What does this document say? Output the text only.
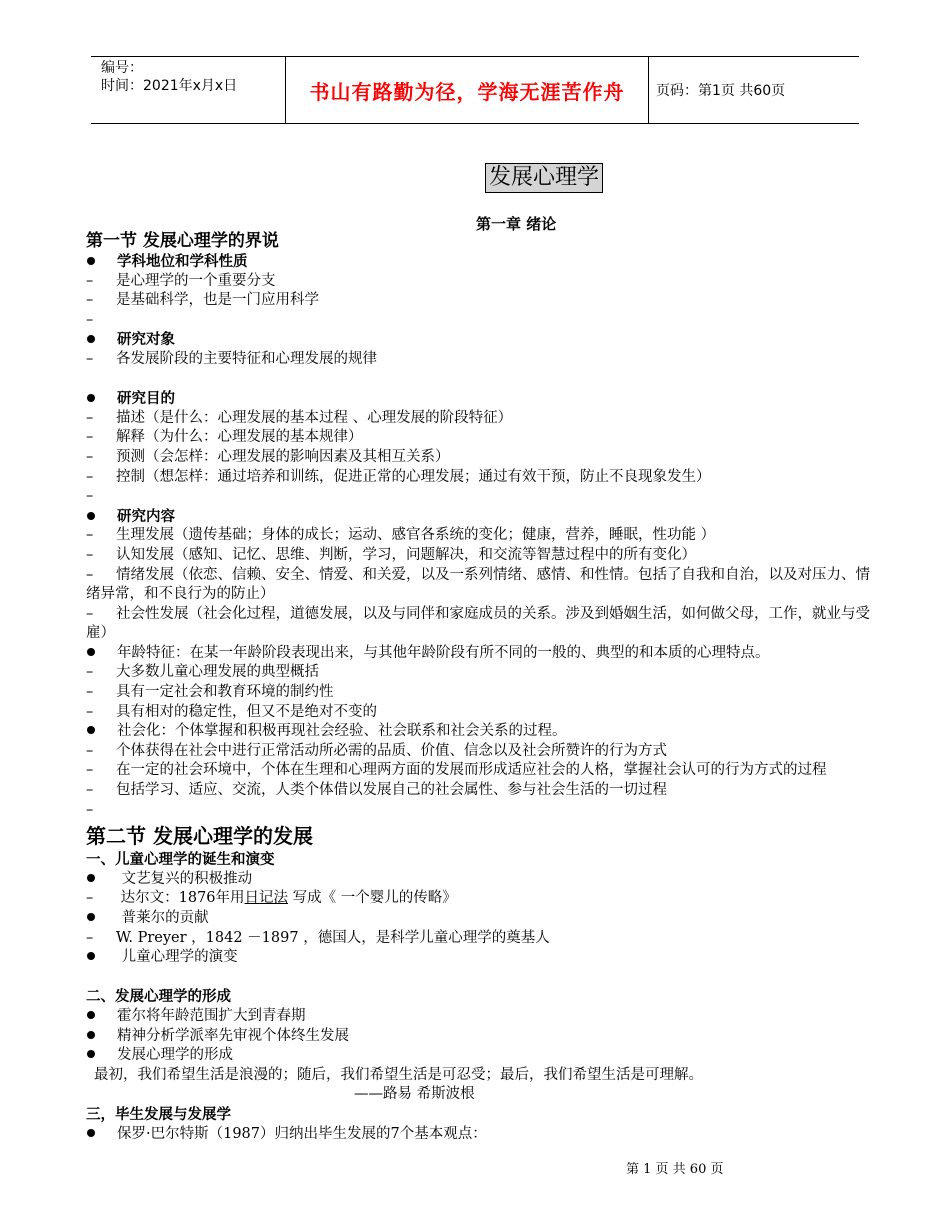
编号：
时间：2021年x月x日	书山有路勤为径，学海无涯苦作舟	页码：第1页 共60页
发展心理学
第一章 绪论
第一节 发展心理学的界说
学科地位和学科性质
– 是心理学的一个重要分支
– 是基础科学，也是一门应用科学
–
研究对象
– 各发展阶段的主要特征和心理发展的规律
研究目的
– 描述（是什么：心理发展的基本过程 、心理发展的阶段特征）
– 解释（为什么：心理发展的基本规律）
– 预测（会怎样：心理发展的影响因素及其相互关系）
– 控制（想怎样：通过培养和训练，促进正常的心理发展；通过有效干预，防止不良现象发生）
–
研究内容
– 生理发展（遗传基础；身体的成长；运动、感官各系统的变化；健康，营养，睡眠，性功能 ）
– 认知发展（感知、记忆、思维、判断，学习，问题解决，和交流等智慧过程中的所有变化）
– 情绪发展（依恋、信赖、安全、情爱、和关爱，以及一系列情绪、感情、和性情。包括了自我和自治，以及对压力、情绪异常，和不良行为的防止）
– 社会性发展（社会化过程，道德发展，以及与同伴和家庭成员的关系。涉及到婚姻生活，如何做父母，工作，就业与受雇）
年龄特征：在某一年龄阶段表现出来，与其他年龄阶段有所不同的一般的、典型的和本质的心理特点。
– 大多数儿童心理发展的典型概括
– 具有一定社会和教育环境的制约性
– 具有相对的稳定性，但又不是绝对不变的
社会化：个体掌握和积极再现社会经验、社会联系和社会关系的过程。
– 个体获得在社会中进行正常活动所必需的品质、价值、信念以及社会所赞许的行为方式
– 在一定的社会环境中，个体在生理和心理两方面的发展而形成适应社会的人格，掌握社会认可的行为方式的过程
– 包括学习、适应、交流，人类个体借以发展自己的社会属性、参与社会生活的一切过程
–
第二节 发展心理学的发展
一、儿童心理学的诞生和演变
文艺复兴的积极推动
– 达尔文：1876年用日记法 写成《 一个婴儿的传略》
普莱尔的贡献
– W. Preyer ，1842 －1897 ，德国人，是科学儿童心理学的奠基人
儿童心理学的演变
二、发展心理学的形成
霍尔将年龄范围扩大到青春期
精神分析学派率先审视个体终生发展
发展心理学的形成
最初，我们希望生活是浪漫的；随后，我们希望生活是可忍受；最后，我们希望生活是可理解。
——路易 希斯波根
三，毕生发展与发展学
保罗·巴尔特斯（1987）归纳出毕生发展的7个基本观点：
第 1 页 共 60 页
